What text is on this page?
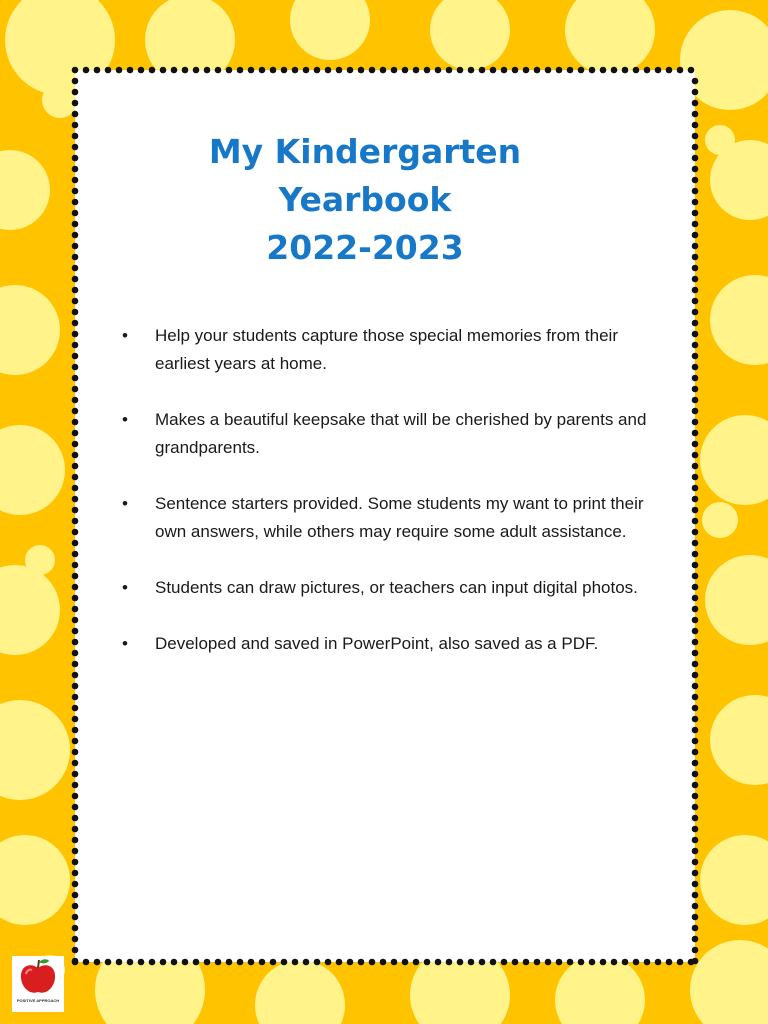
My Kindergarten
Yearbook
2022-2023
• Help your students capture those special memories from their earliest years at home.
• Makes a beautiful keepsake that will be cherished by parents and grandparents.
• Sentence starters provided. Some students my want to print their own answers, while others may require some adult assistance.
• Students can draw pictures, or teachers can input digital photos.
• Developed and saved in PowerPoint, also saved as a PDF.
POSITIVE APPROACH
